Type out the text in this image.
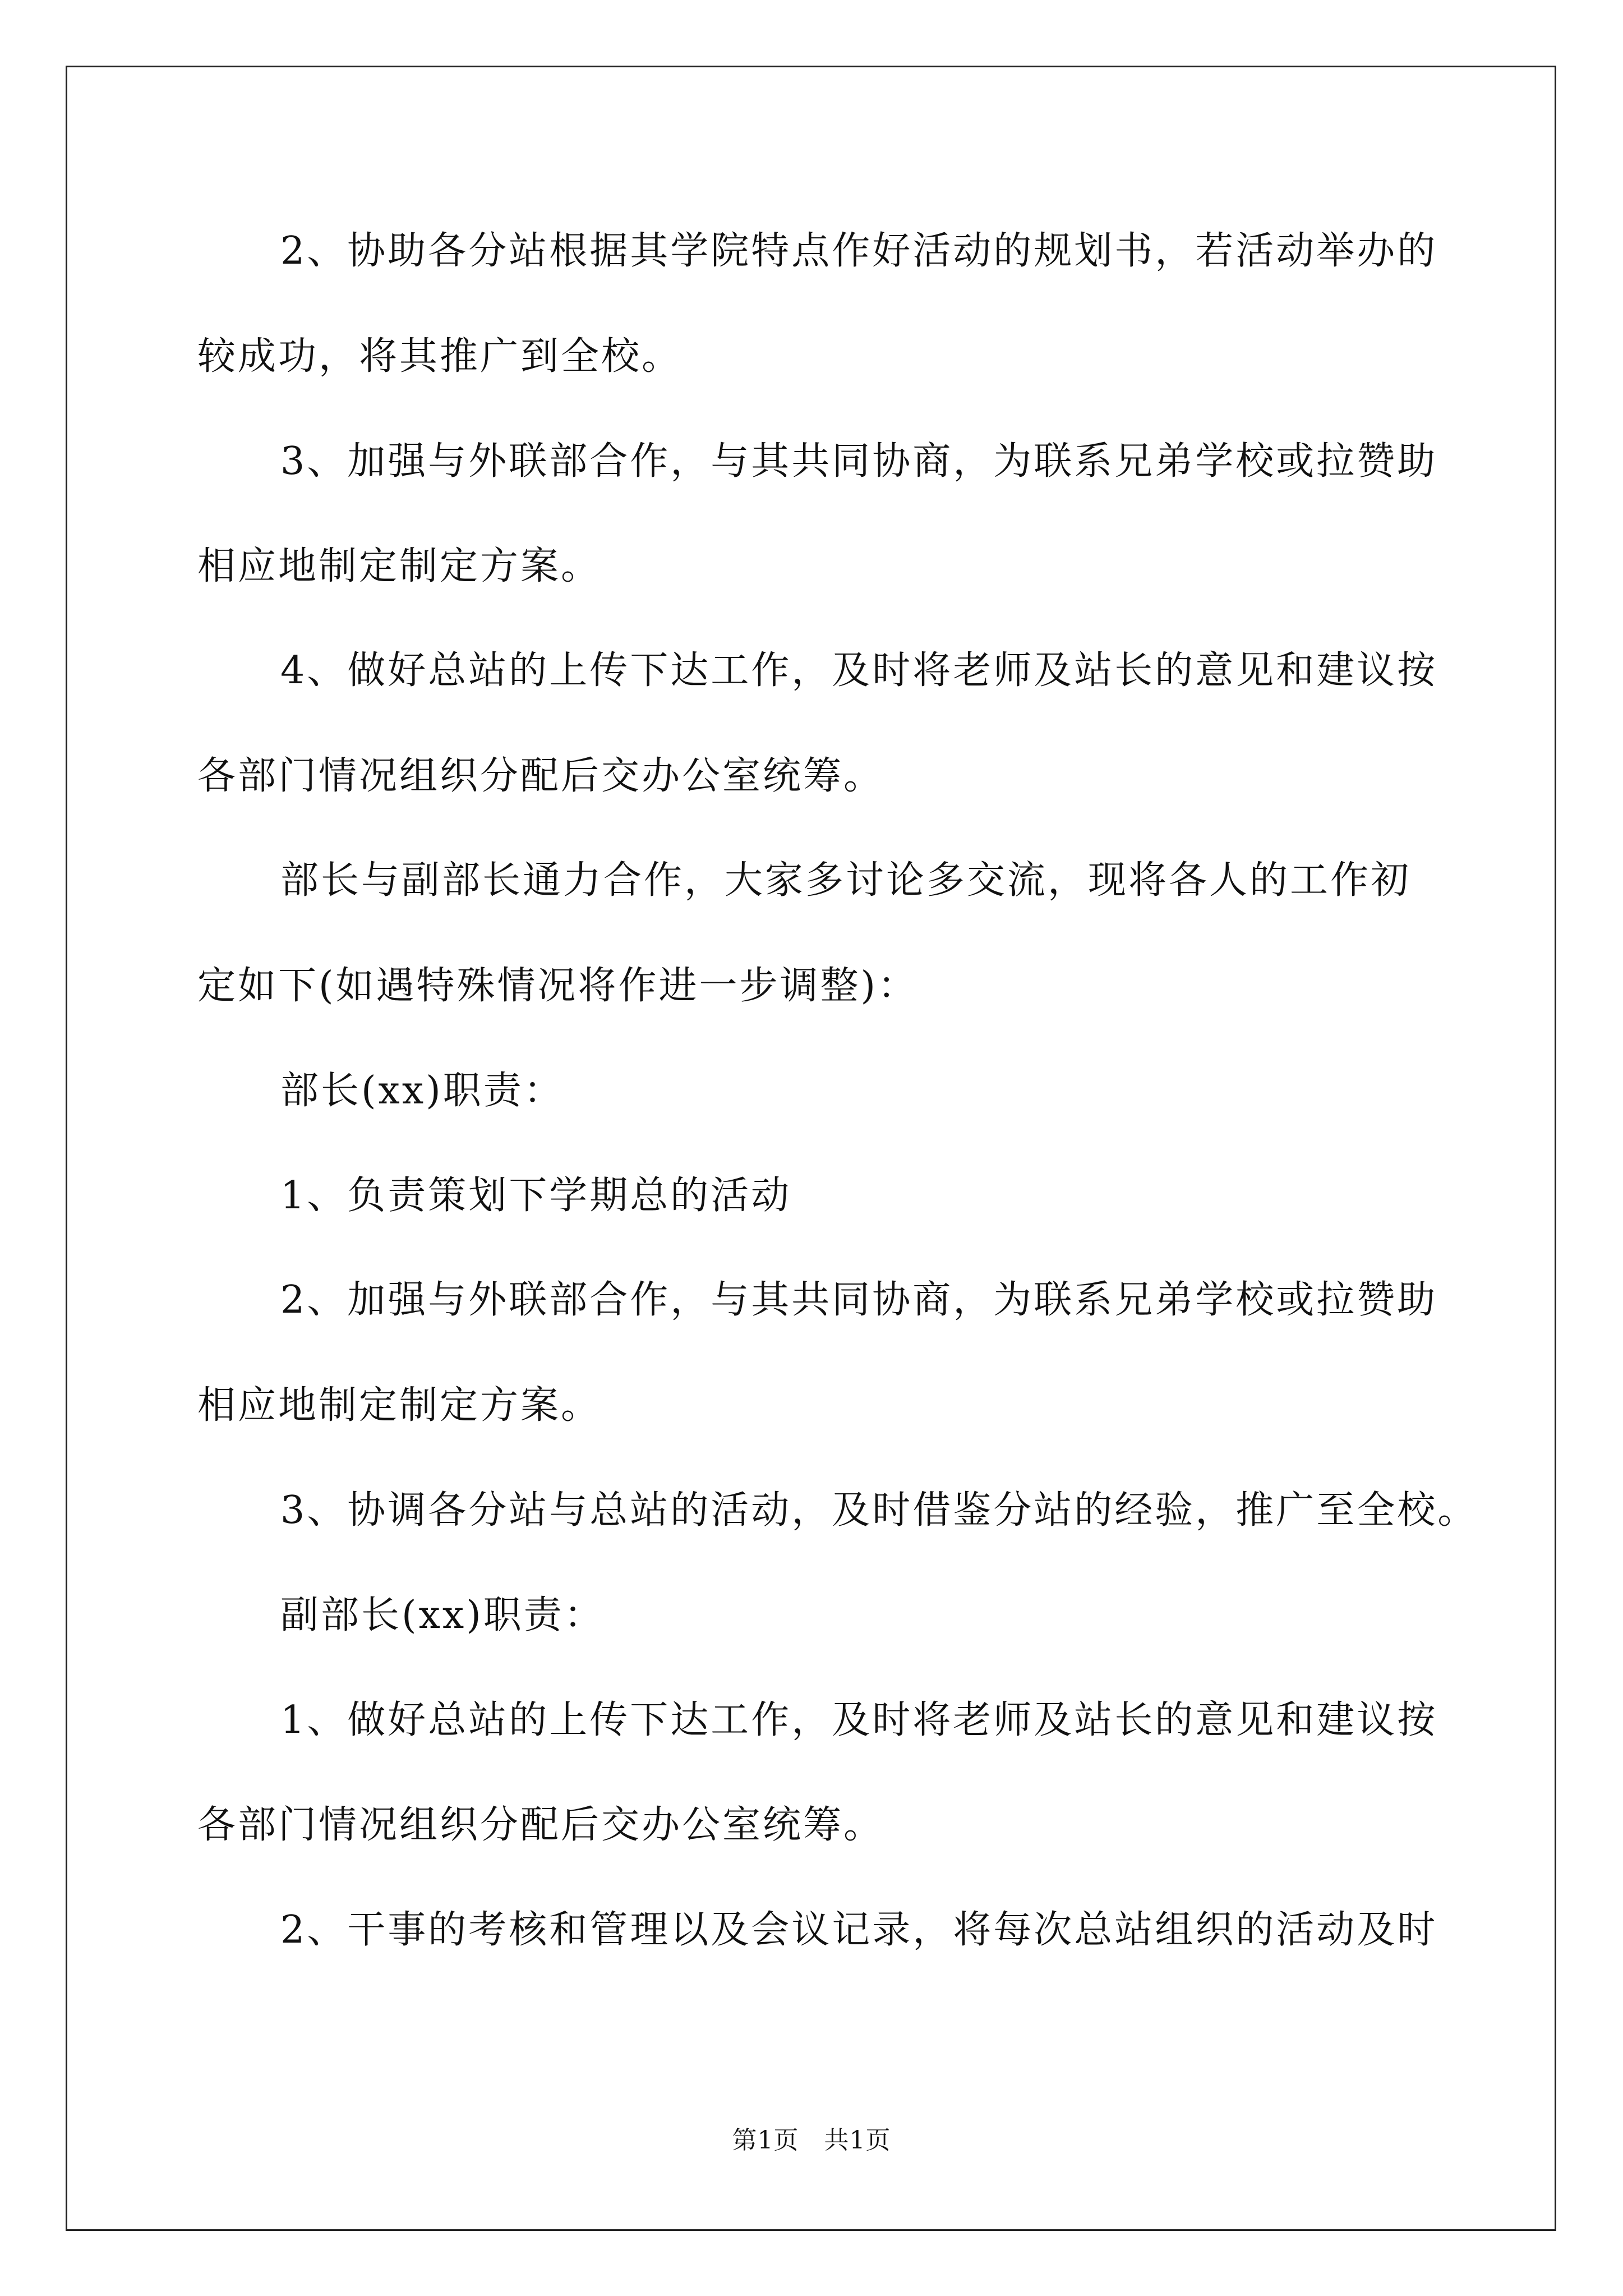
2、协助各分站根据其学院特点作好活动的规划书，若活动举办的
较成功，将其推广到全校。
3、加强与外联部合作，与其共同协商，为联系兄弟学校或拉赞助
相应地制定制定方案。
4、做好总站的上传下达工作，及时将老师及站长的意见和建议按
各部门情况组织分配后交办公室统筹。
部长与副部长通力合作，大家多讨论多交流，现将各人的工作初
定如下(如遇特殊情况将作进一步调整)：
部长(xx)职责：
1、负责策划下学期总的活动
2、加强与外联部合作，与其共同协商，为联系兄弟学校或拉赞助
相应地制定制定方案。
3、协调各分站与总站的活动，及时借鉴分站的经验，推广至全校。
副部长(xx)职责：
1、做好总站的上传下达工作，及时将老师及站长的意见和建议按
各部门情况组织分配后交办公室统筹。
2、干事的考核和管理以及会议记录，将每次总站组织的活动及时
第1页　共1页
